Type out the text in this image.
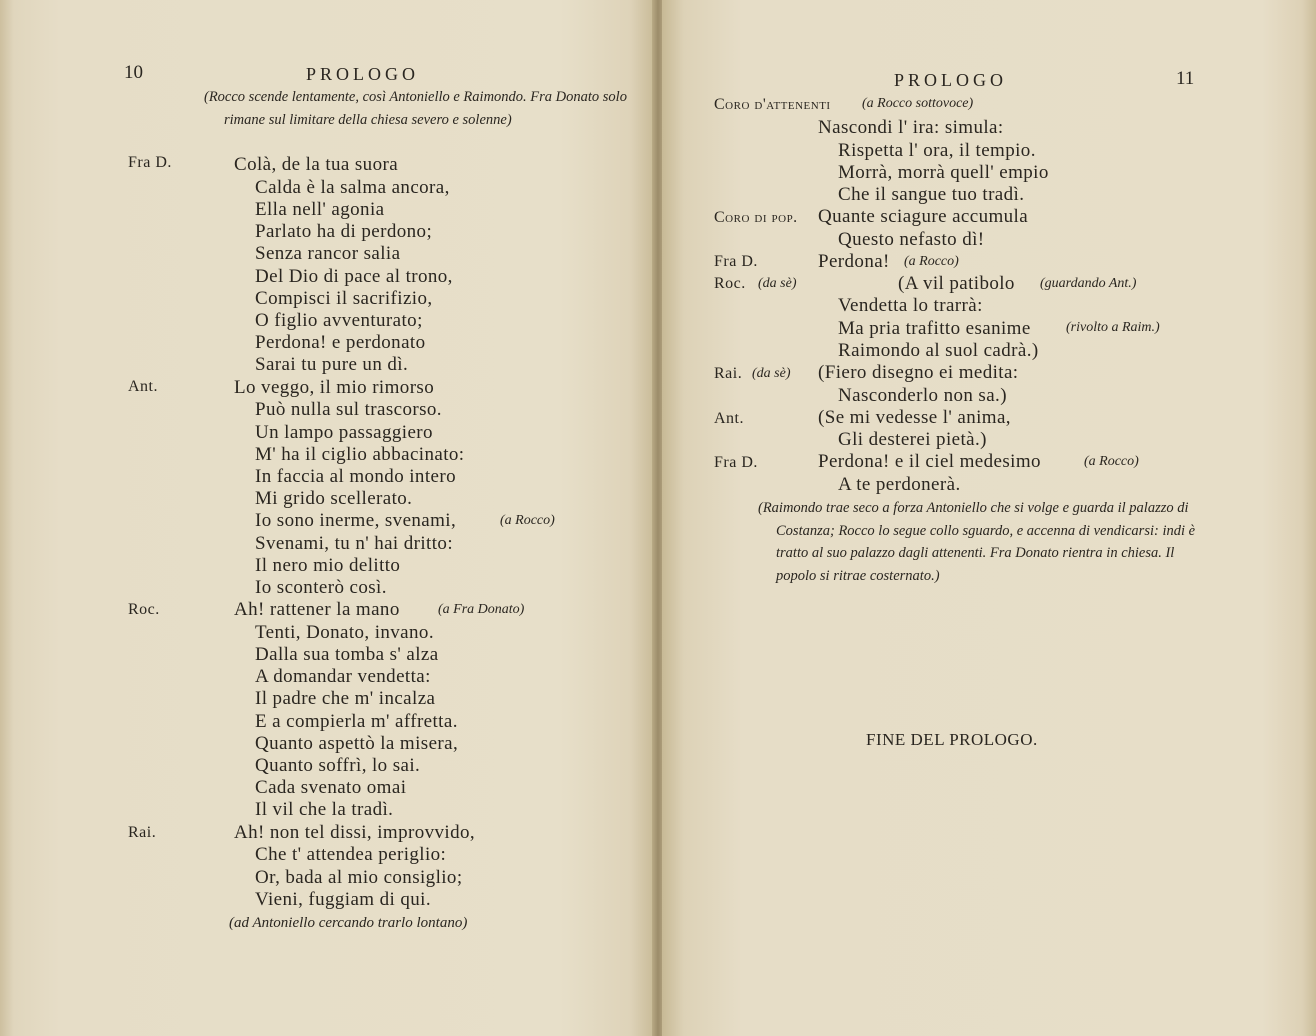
10	PROLOGO
(Rocco scende lentamente, così Antoniello e Raimondo. Fra Donato solo rimane sul limitare della chiesa severo e solenne)
Fra D.	Colà, de la tua suora
Calda è la salma ancora,
Ella nell' agonia
Parlato ha di perdono;
Senza rancor salia
Del Dio di pace al trono,
Compisci il sacrifizio,
O figlio avventurato;
Perdona! e perdonato
Sarai tu pure un dì.
Ant.	Lo veggo, il mio rimorso
Può nulla sul trascorso.
Un lampo passaggiero
M' ha il ciglio abbacinato:
In faccia al mondo intero
Mi grido scellerato.
Io sono inerme, svenami,	(a Rocco)
Svenami, tu n' hai dritto:
Il nero mio delitto
Io sconterò così.
Roc.	Ah! rattener la mano	(a Fra Donato)
Tenti, Donato, invano.
Dalla sua tomba s' alza
A domandar vendetta:
Il padre che m' incalza
E a compierla m' affretta.
Quanto aspettò la misera,
Quanto soffrì, lo sai.
Cada svenato omai
Il vil che la tradì.
Rai.	Ah! non tel dissi, improvvido,
Che t' attendea periglio:
Or, bada al mio consiglio;
Vieni, fuggiam di qui.
(ad Antoniello cercando trarlo lontano)
PROLOGO	11
Coro d'attenenti (a Rocco sottovoce)
Nascondi l' ira: simula:
Rispetta l' ora, il tempio.
Morrà, morrà quell' empio
Che il sangue tuo tradì.
Coro di pop. Quante sciagure accumula
Questo nefasto dì!
Fra D.	Perdona! (a Rocco)
Roc. (da sè)	(A vil patibolo (guardando Ant.)
Vendetta lo trarrà:
Ma pria trafitto esanime	(rivolto a Raim.)
Raimondo al suol cadrà.)
Rai. (da sè) (Fiero disegno ei medita:
Nasconderlo non sa.)
Ant.	(Se mi vedesse l' anima,
Gli desterei pietà.)
Fra D.	Perdona! e il ciel medesimo	(a Rocco)
A te perdonerà.
(Raimondo trae seco a forza Antoniello che si volge e guarda il palazzo di Costanza; Rocco lo segue collo sguardo, e accenna di vendicarsi: indi è tratto al suo palazzo dagli attenenti. Fra Donato rientra in chiesa. Il popolo si ritrae costernato.)
FINE DEL PROLOGO.
